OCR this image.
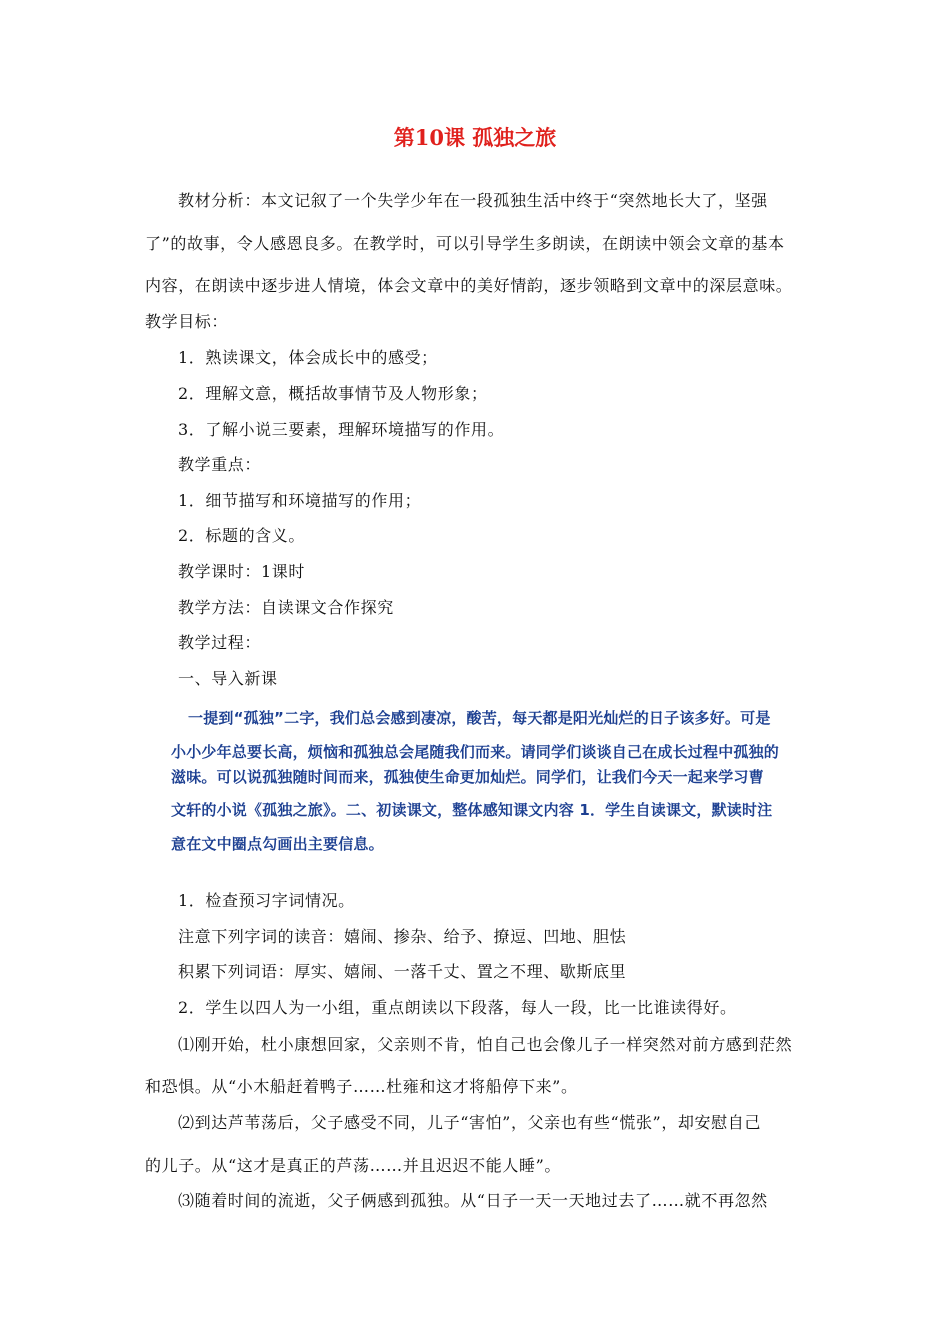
第10课 孤独之旅
教材分析：本文记叙了一个失学少年在一段孤独生活中终于“突然地长大了，坚强
了”的故事，令人感恩良多。在教学时，可以引导学生多朗读，在朗读中领会文章的基本
内容，在朗读中逐步进人情境，体会文章中的美好情韵，逐步领略到文章中的深层意味。
教学目标：
1．熟读课文，体会成长中的感受；
2．理解文意，概括故事情节及人物形象；
3．了解小说三要素，理解环境描写的作用。
教学重点：
1．细节描写和环境描写的作用；
2．标题的含义。
教学课时：1课时
教学方法：自读课文合作探究
教学过程：
一、导入新课
一提到“孤独”二字，我们总会感到凄凉，酸苦，每天都是阳光灿烂的日子该多好。可是
小小少年总要长高，烦恼和孤独总会尾随我们而来。请同学们谈谈自己在成长过程中孤独的
滋味。可以说孤独随时间而来，孤独使生命更加灿烂。同学们，让我们今天一起来学习曹
文轩的小说《孤独之旅》。二、初读课文，整体感知课文内容 1．学生自读课文，默读时注
意在文中圈点勾画出主要信息。
1．检查预习字词情况。
注意下列字词的读音：嬉闹、掺杂、给予、撩逗、凹地、胆怯
积累下列词语：厚实、嬉闹、一落千丈、置之不理、歇斯底里
2．学生以四人为一小组，重点朗读以下段落，每人一段，比一比谁读得好。
⑴刚开始，杜小康想回家，父亲则不肯，怕自己也会像儿子一样突然对前方感到茫然
和恐惧。从“小木船赶着鸭子……杜雍和这才将船停下来”。
⑵到达芦苇荡后，父子感受不同，儿子“害怕”，父亲也有些“慌张”，却安慰自己
的儿子。从“这才是真正的芦荡……并且迟迟不能人睡”。
⑶随着时间的流逝，父子俩感到孤独。从“日子一天一天地过去了……就不再忽然
